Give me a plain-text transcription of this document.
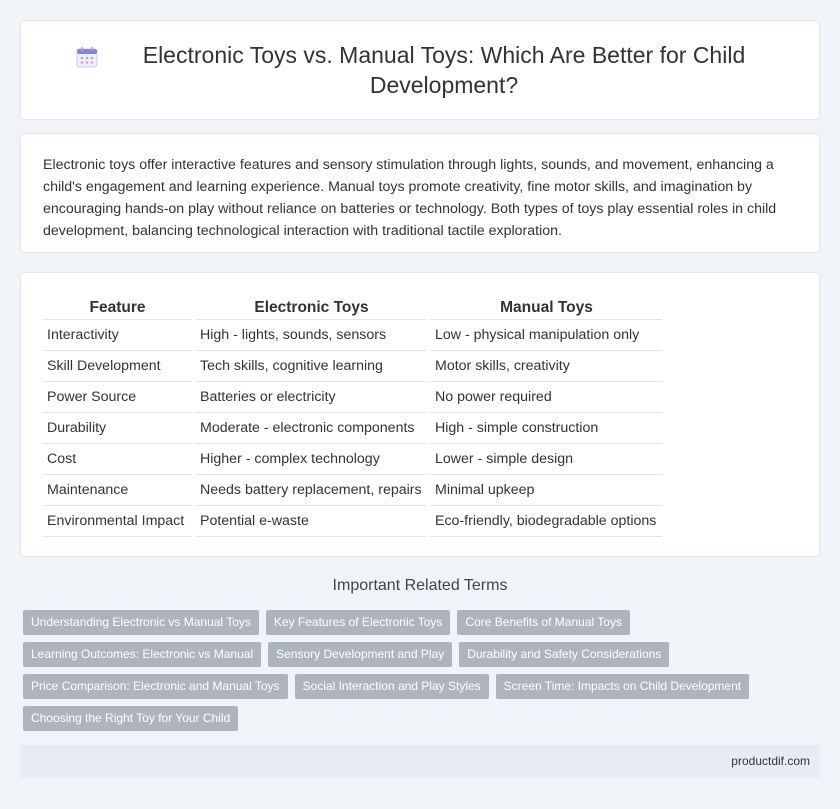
Electronic Toys vs. Manual Toys: Which Are Better for Child Development?

Electronic toys offer interactive features and sensory stimulation through lights, sounds, and movement, enhancing a child's engagement and learning experience. Manual toys promote creativity, fine motor skills, and imagination by encouraging hands-on play without reliance on batteries or technology. Both types of toys play essential roles in child development, balancing technological interaction with traditional tactile exploration.

Feature	Electronic Toys	Manual Toys
Interactivity	High - lights, sounds, sensors	Low - physical manipulation only
Skill Development	Tech skills, cognitive learning	Motor skills, creativity
Power Source	Batteries or electricity	No power required
Durability	Moderate - electronic components	High - simple construction
Cost	Higher - complex technology	Lower - simple design
Maintenance	Needs battery replacement, repairs	Minimal upkeep
Environmental Impact	Potential e-waste	Eco-friendly, biodegradable options
Important Related Terms
Understanding Electronic vs Manual Toys	Key Features of Electronic Toys	Core Benefits of Manual Toys
Learning Outcomes: Electronic vs Manual	Sensory Development and Play	Durability and Safety Considerations
Price Comparison: Electronic and Manual Toys	Social Interaction and Play Styles	Screen Time: Impacts on Child Development
Choosing the Right Toy for Your Child
productdif.com
